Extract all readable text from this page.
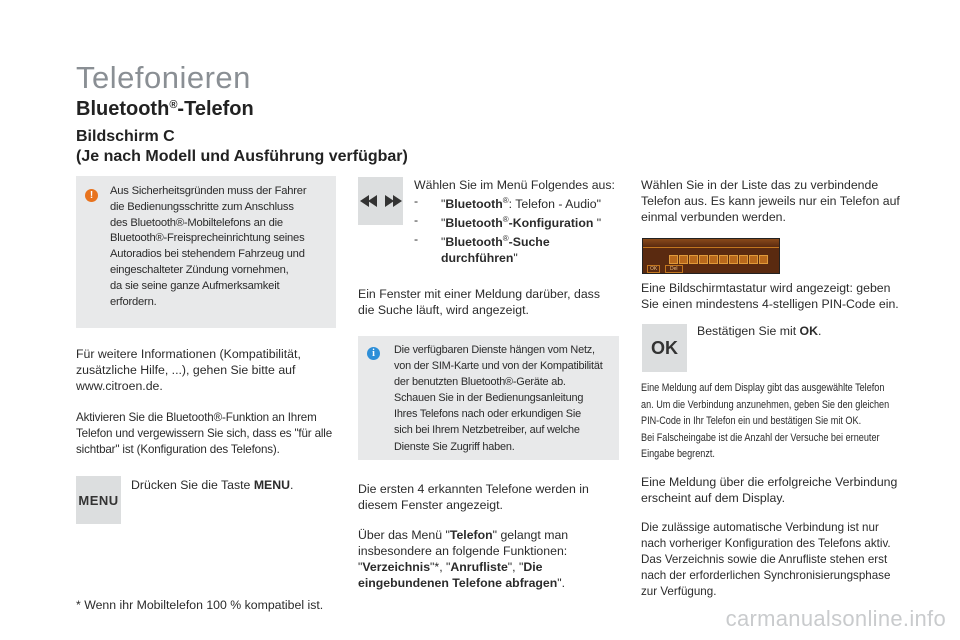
Telefonieren
Bluetooth®-Telefon
Bildschirm C
(Je nach Modell und Ausführung verfügbar)
!	Aus Sicherheitsgründen muss der Fahrer
die Bedienungsschritte zum Anschluss
des Bluetooth®-Mobiltelefons an die
Bluetooth®-Freisprecheinrichtung seines
Autoradios bei stehendem Fahrzeug und
eingeschalteter Zündung vornehmen,
da sie seine ganze Aufmerksamkeit
erfordern.
Für weitere Informationen (Kompatibilität,
zusätzliche Hilfe, ...), gehen Sie bitte auf
www.citroen.de.
Aktivieren Sie die Bluetooth®-Funktion an Ihrem
Telefon und vergewissern Sie sich, dass es "für alle
sichtbar" ist (Konfiguration des Telefons).
MENU
Drücken Sie die Taste MENU.
* Wenn ihr Mobiltelefon 100 % kompatibel ist.
Wählen Sie im Menü Folgendes aus:
- "Bluetooth®: Telefon - Audio"
- "Bluetooth®-Konfiguration "
- "Bluetooth®-Suche
durchführen"
Ein Fenster mit einer Meldung darüber, dass
die Suche läuft, wird angezeigt.
i	Die verfügbaren Dienste hängen vom Netz,
von der SIM-Karte und von der Kompatibilität
der benutzten Bluetooth®-Geräte ab.
Schauen Sie in der Bedienungsanleitung
Ihres Telefons nach oder erkundigen Sie
sich bei Ihrem Netzbetreiber, auf welche
Dienste Sie Zugriff haben.
Die ersten 4 erkannten Telefone werden in
diesem Fenster angezeigt.
Über das Menü "Telefon" gelangt man
insbesondere an folgende Funktionen:
"Verzeichnis"*, "Anrufliste", "Die
eingebundenen Telefone abfragen".
Wählen Sie in der Liste das zu verbindende
Telefon aus. Es kann jeweils nur ein Telefon auf
einmal verbunden werden.
OK	Del
Eine Bildschirmtastatur wird angezeigt: geben
Sie einen mindestens 4-stelligen PIN-Code ein.
OK
Bestätigen Sie mit OK.
Eine Meldung auf dem Display gibt das ausgewählte Telefon
an. Um die Verbindung anzunehmen, geben Sie den gleichen
PIN-Code in Ihr Telefon ein und bestätigen Sie mit OK.
Bei Falscheingabe ist die Anzahl der Versuche bei erneuter
Eingabe begrenzt.
Eine Meldung über die erfolgreiche Verbindung
erscheint auf dem Display.
Die zulässige automatische Verbindung ist nur
nach vorheriger Konfiguration des Telefons aktiv.
Das Verzeichnis sowie die Anrufliste stehen erst
nach der erforderlichen Synchronisierungsphase
zur Verfügung.
carmanualsonline.info
